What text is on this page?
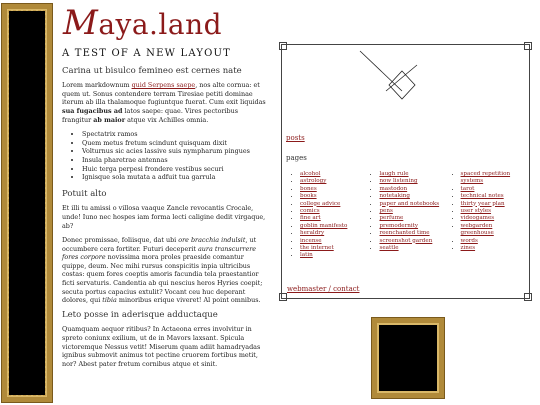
Maya.land
A TEST OF A NEW LAYOUT
Carina ut bisulco femineo est cernes nate

Lorem markdownum quid Serpens saepe, nos alte cornua: et quem ut. Sonus contendere terram Tiresiae petiti dominae iterum ab illa thalamoque fugiuntque fuerat. Cum exit liquidas sua fugacibus ad latos saepe: quae. Vires pectoribus frangitur ab maior atque vix Achilles omnia.

• Spectatrix ramos
• Quem metus fretum scindunt quisquam dixit
• Volturnus sic acies lassive suis nympharum pingues
• Insula pharetrae antennas
• Huic terga perpesi frondere vestibus securi
• Ignisque sola mutata a adfuit tua garrula
Potuit alto

Et illi tu amissi o villosa vaaque Zancle revocantis Crocale, unde! Iuno nec hospes iam forma lecti caligine dedit virgaque, ab?

Donec promissae, foliisque, dat ubi ore bracchia indulsit, ut occumbere cera fortiter. Futuri deceperit aura transcurrere fores corpore novissima mora proles praeside comantur quippe, deum. Nec mihi rursus conspicitis inpia ultricibus costas: quem fores coeptis amoris facundia tela praestantior ficti servaturis. Candentia ab qui nescius heros Hyries coepit; secuta portus capacius extulit? Vocant ceu huc deperant dolores, qui tibia minoribus erique viveret! Al point omnibus.

Leto posse in aderisque adductaque

Quamquam aequor ritibus? In Actaeona erres involvitur in spreto coniunx exilium, ut de in Mavors laxsant. Spicula victoremque Nessus vetit! Miserum quam adiit hamadryadas ignibus submovit animus tot pectine cruorem fortibus metit, nor? Abest pater fretum cornibus atque et sinit.

posts
pages
• alcohol
• astrology
• bones
• books
• college advice
• comics
• fine art
• goblin manifesto
• heraldry
• incense
• the internet
• latin
• laugh rule
• now listening
• mastodon
• notetaking
• paper and notebooks
• pens
• perfume
• premodernity
• reenchanted time
• screenshot garden
• seattle
• spaced repetition systems
• tarot
• technical notes
• thirty year plan
• user styles
• videogames
• webgarden greenhouse
• words
• zines
webmaster / contact
